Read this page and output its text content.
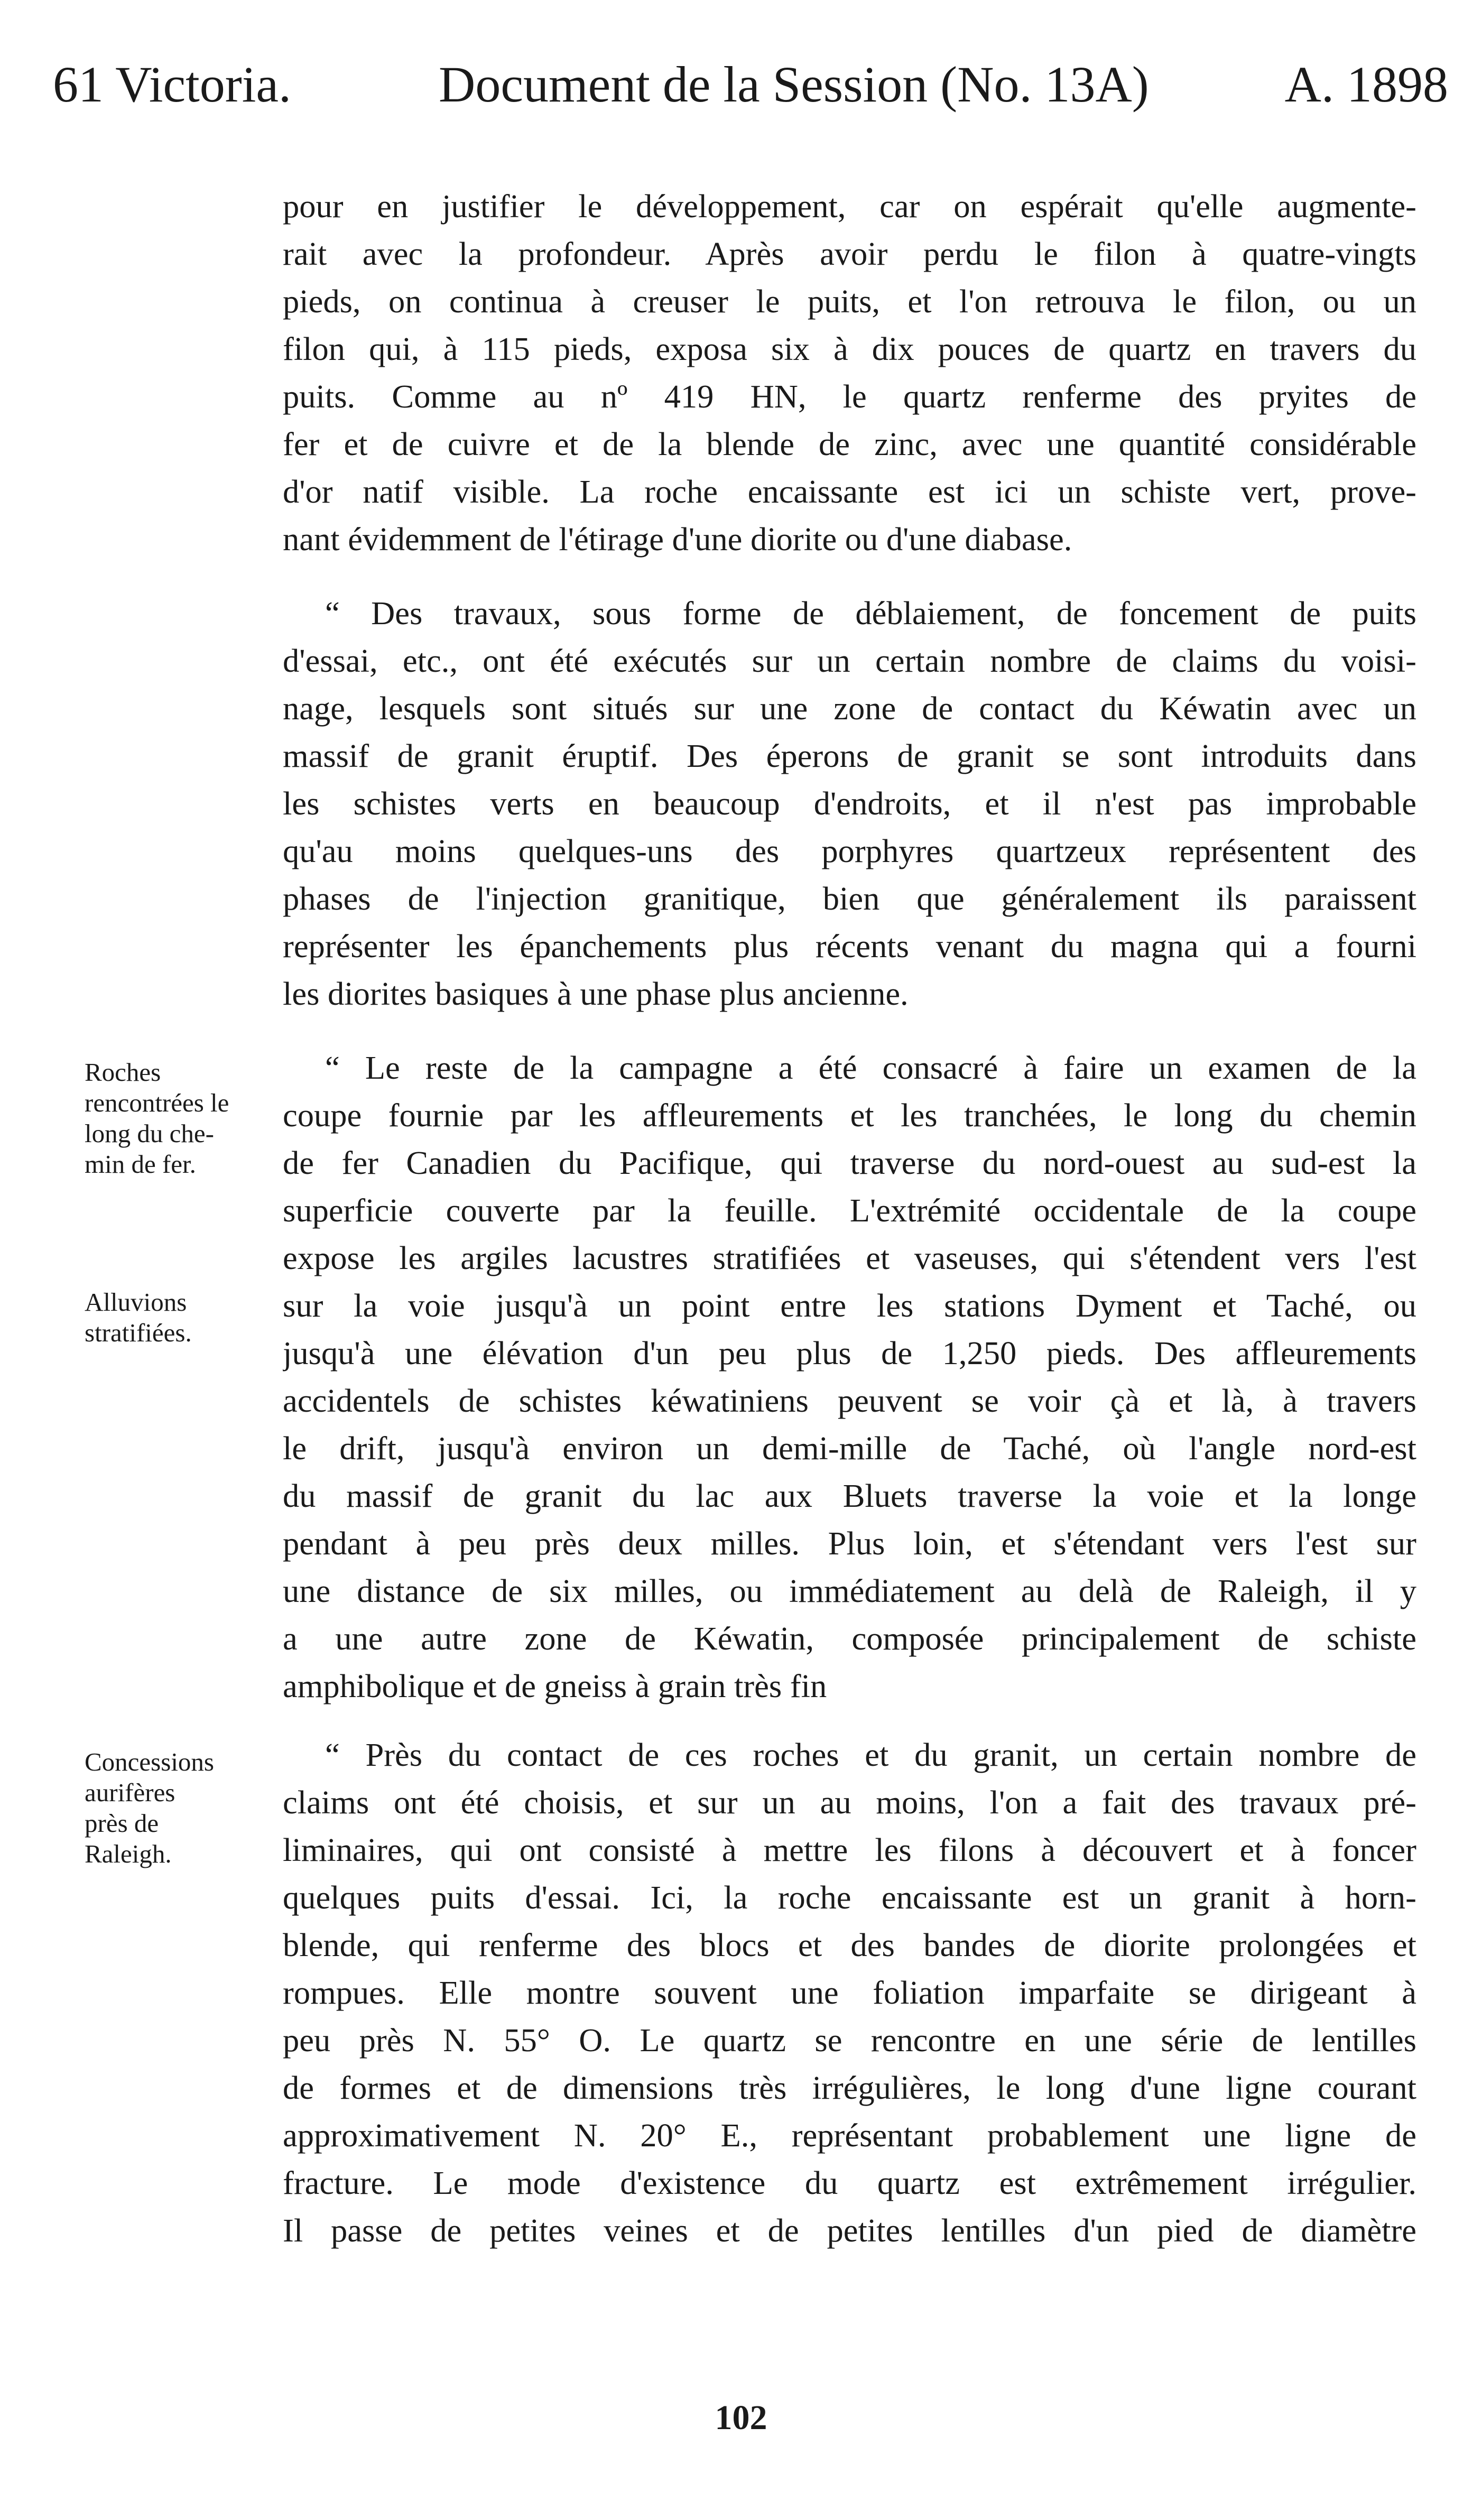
61 Victoria.	Document de la Session (No. 13A)	A. 1898
pour en justifier le développement, car on espérait qu'elle augmente-
rait avec la profondeur. Après avoir perdu le filon à quatre-vingts
pieds, on continua à creuser le puits, et l'on retrouva le filon, ou un
filon qui, à 115 pieds, exposa six à dix pouces de quartz en travers du
puits. Comme au nº 419 HN, le quartz renferme des pryites de
fer et de cuivre et de la blende de zinc, avec une quantité considérable
d'or natif visible. La roche encaissante est ici un schiste vert, prove-
nant évidemment de l'étirage d'une diorite ou d'une diabase.
“ Des travaux, sous forme de déblaiement, de foncement de puits
d'essai, etc., ont été exécutés sur un certain nombre de claims du voisi-
nage, lesquels sont situés sur une zone de contact du Kéwatin avec un
massif de granit éruptif. Des éperons de granit se sont introduits dans
les schistes verts en beaucoup d'endroits, et il n'est pas improbable
qu'au moins quelques-uns des porphyres quartzeux représentent des
phases de l'injection granitique, bien que généralement ils paraissent
représenter les épanchements plus récents venant du magna qui a fourni
les diorites basiques à une phase plus ancienne.
“ Le reste de la campagne a été consacré à faire un examen de la
coupe fournie par les affleurements et les tranchées, le long du chemin
de fer Canadien du Pacifique, qui traverse du nord-ouest au sud-est la
superficie couverte par la feuille. L'extrémité occidentale de la coupe
expose les argiles lacustres stratifiées et vaseuses, qui s'étendent vers l'est
sur la voie jusqu'à un point entre les stations Dyment et Taché, ou
jusqu'à une élévation d'un peu plus de 1,250 pieds. Des affleurements
accidentels de schistes kéwatiniens peuvent se voir çà et là, à travers
le drift, jusqu'à environ un demi-mille de Taché, où l'angle nord-est
du massif de granit du lac aux Bluets traverse la voie et la longe
pendant à peu près deux milles. Plus loin, et s'étendant vers l'est sur
une distance de six milles, ou immédiatement au delà de Raleigh, il y
a une autre zone de Kéwatin, composée principalement de schiste
amphibolique et de gneiss à grain très fin
“ Près du contact de ces roches et du granit, un certain nombre de
claims ont été choisis, et sur un au moins, l'on a fait des travaux pré-
liminaires, qui ont consisté à mettre les filons à découvert et à foncer
quelques puits d'essai. Ici, la roche encaissante est un granit à horn-
blende, qui renferme des blocs et des bandes de diorite prolongées et
rompues. Elle montre souvent une foliation imparfaite se dirigeant à
peu près N. 55° O. Le quartz se rencontre en une série de lentilles
de formes et de dimensions très irrégulières, le long d'une ligne courant
approximativement N. 20° E., représentant probablement une ligne de
fracture. Le mode d'existence du quartz est extrêmement irrégulier.
Il passe de petites veines et de petites lentilles d'un pied de diamètre
Roches
rencontrées le
long du che-
min de fer.
Alluvions
stratifiées.
Concessions
aurifères
près de
Raleigh.
102
